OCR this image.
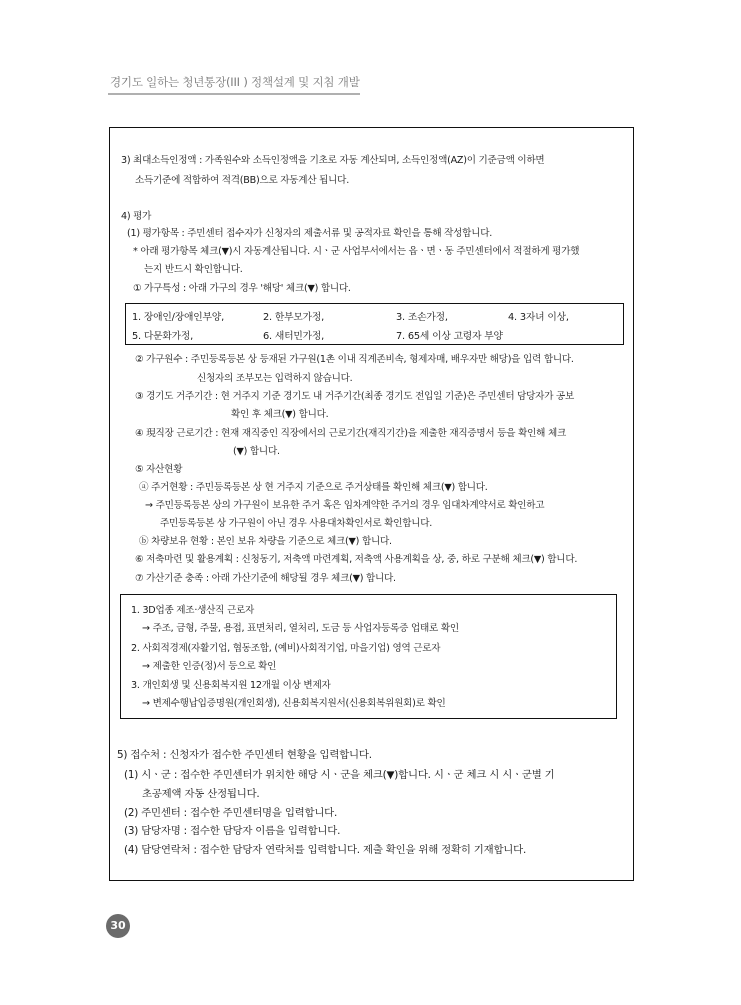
경기도 일하는 청년통장(III ) 정책설계 및 지침 개발
3) 최대소득인정액 : 가족원수와 소득인정액을 기초로 자동 계산되며, 소득인정액(AZ)이 기준금액 이하면
소득기준에 적합하여 적격(BB)으로 자동계산 됩니다.
4) 평가
(1) 평가항목 : 주민센터 접수자가 신청자의 제출서류 및 공적자료 확인을 통해 작성합니다.
* 아래 평가항목 체크(▼)시 자동계산됩니다. 시ㆍ군 사업부서에서는 읍ㆍ면ㆍ동 주민센터에서 적절하게 평가했
는지 반드시 확인합니다.
① 가구특성 : 아래 가구의 경우 '해당' 체크(▼) 합니다.
1. 장애인/장애인부양,	2. 한부모가정,	3. 조손가정,	4. 3자녀 이상,
5. 다문화가정,	6. 새터민가정,	7. 65세 이상 고령자 부양
② 가구원수 : 주민등록등본 상 등재된 가구원(1촌 이내 직계존비속, 형제자매, 배우자만 해당)을 입력 합니다.
신청자의 조부모는 입력하지 않습니다.
③ 경기도 거주기간 : 현 거주지 기준 경기도 내 거주기간(최종 경기도 전입일 기준)은 주민센터 담당자가 공보
확인 후 체크(▼) 합니다.
④ 現직장 근로기간 : 현재 재직중인 직장에서의 근로기간(재직기간)을 제출한 재직증명서 등을 확인해 체크
(▼) 합니다.
⑤ 자산현황
ⓐ 주거현황 : 주민등록등본 상 현 거주지 기준으로 주거상태를 확인해 체크(▼) 합니다.
→ 주민등록등본 상의 가구원이 보유한 주거 혹은 임차계약한 주거의 경우 임대차계약서로 확인하고
주민등록등본 상 가구원이 아닌 경우 사용대차확인서로 확인합니다.
ⓑ 차량보유 현황 : 본인 보유 차량을 기준으로 체크(▼) 합니다.
⑥ 저축마련 및 활용계획 : 신청동기, 저축액 마련계획, 저축액 사용계획을 상, 중, 하로 구분해 체크(▼) 합니다.
⑦ 가산기준 충족 : 아래 가산기준에 해당될 경우 체크(▼) 합니다.
1. 3D업종 제조·생산직 근로자
→ 주조, 금형, 주물, 용접, 표면처리, 열처리, 도금 등 사업자등록증 업태로 확인
2. 사회적경제(자활기업, 협동조합, (예비)사회적기업, 마을기업) 영역 근로자
→ 제출한 인증(정)서 등으로 확인
3. 개인회생 및 신용회복지원 12개월 이상 변제자
→ 변제수행납입증명원(개인회생), 신용회복지원서(신용회복위원회)로 확인
5) 접수처 : 신청자가 접수한 주민센터 현황을 입력합니다.
(1) 시ㆍ군 : 접수한 주민센터가 위치한 해당 시ㆍ군을 체크(▼)합니다. 시ㆍ군 체크 시 시ㆍ군별 기
초공제액 자동 산정됩니다.
(2) 주민센터 : 접수한 주민센터명을 입력합니다.
(3) 담당자명 : 접수한 담당자 이름을 입력합니다.
(4) 담당연락처 : 접수한 담당자 연락처를 입력합니다. 제출 확인을 위해 정확히 기재합니다.
30
